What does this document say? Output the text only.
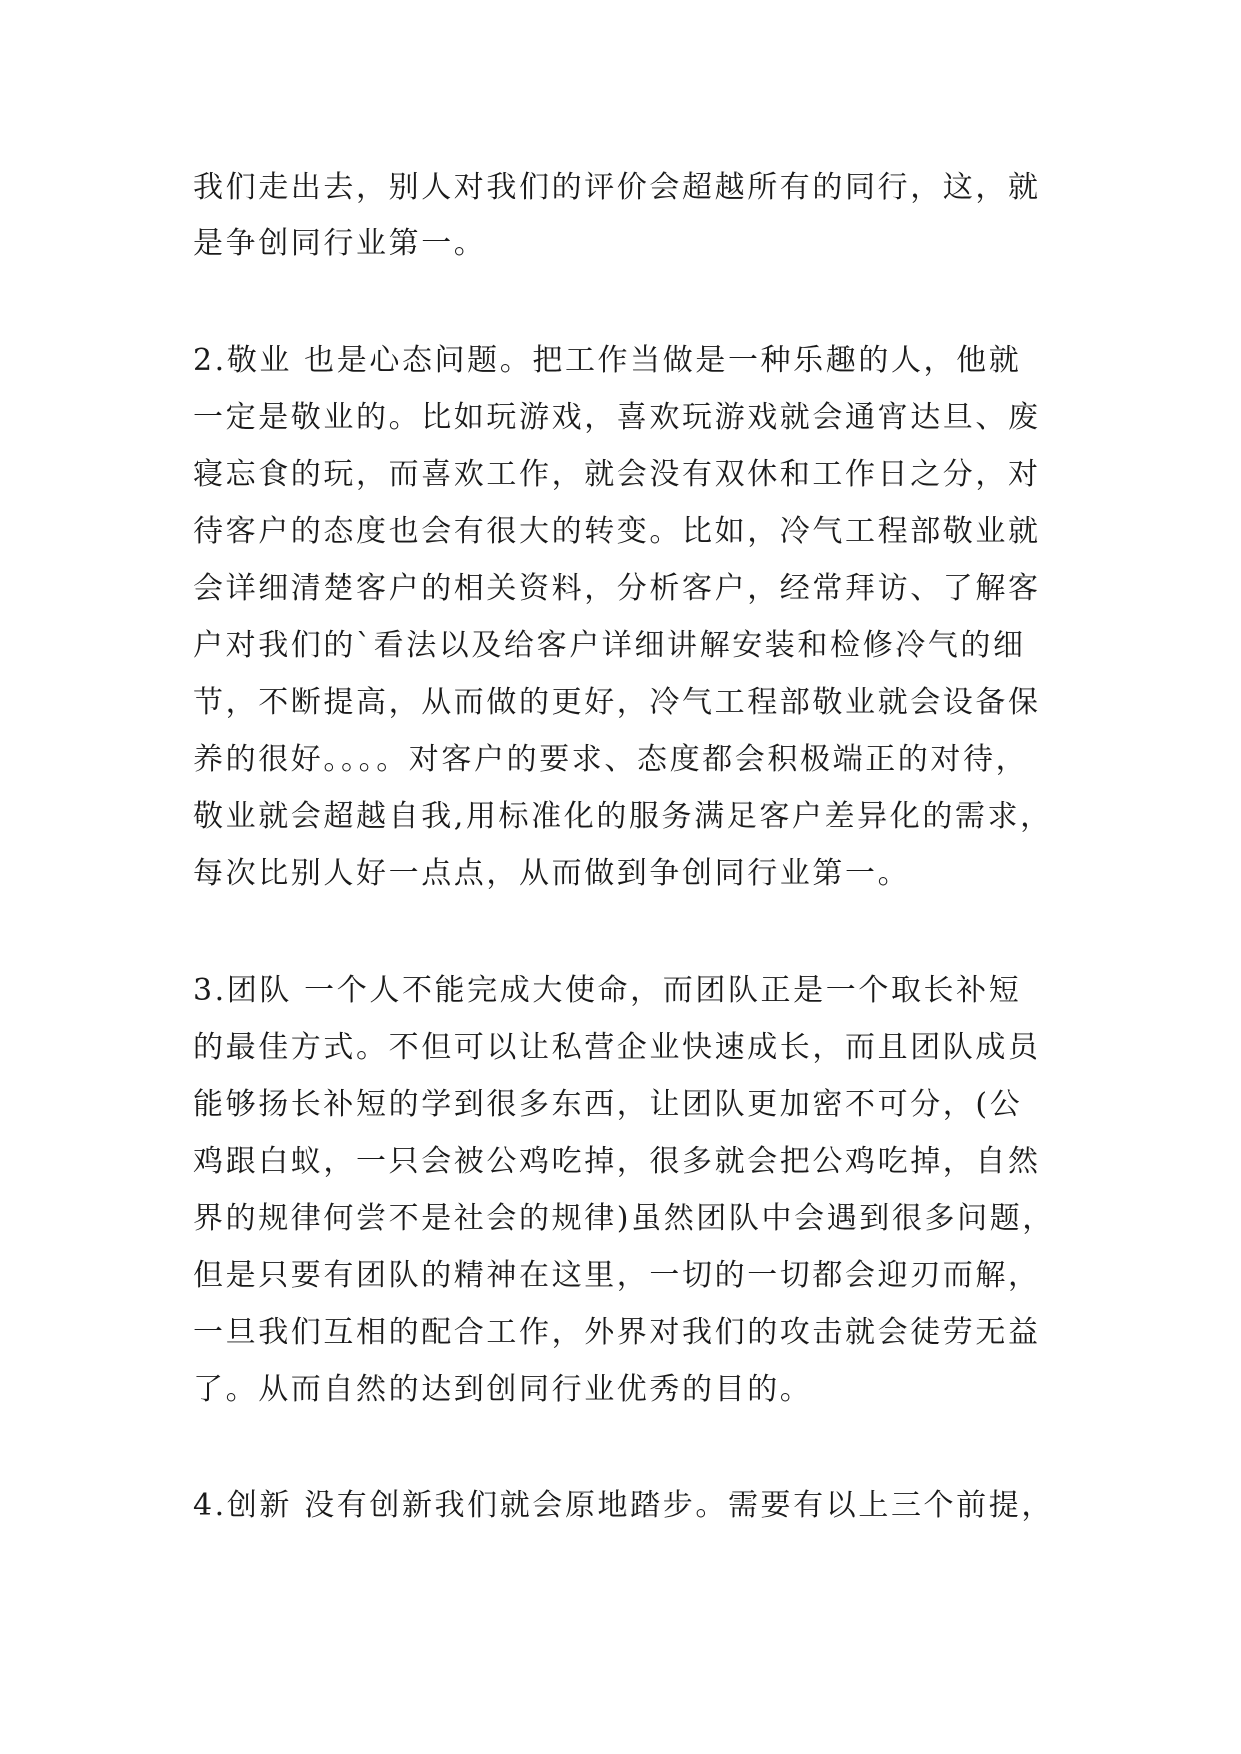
我们走出去，别人对我们的评价会超越所有的同行，这，就
是争创同行业第一。
2.敬业 也是心态问题。把工作当做是一种乐趣的人，他就
一定是敬业的。比如玩游戏，喜欢玩游戏就会通宵达旦、废
寝忘食的玩，而喜欢工作，就会没有双休和工作日之分，对
待客户的态度也会有很大的转变。比如，冷气工程部敬业就
会详细清楚客户的相关资料，分析客户，经常拜访、了解客
户对我们的`看法以及给客户详细讲解安装和检修冷气的细
节，不断提高，从而做的更好，冷气工程部敬业就会设备保
养的很好。。。。对客户的要求、态度都会积极端正的对待，
敬业就会超越自我,用标准化的服务满足客户差异化的需求，
每次比别人好一点点，从而做到争创同行业第一。
3.团队 一个人不能完成大使命，而团队正是一个取长补短
的最佳方式。不但可以让私营企业快速成长，而且团队成员
能够扬长补短的学到很多东西，让团队更加密不可分，(公
鸡跟白蚁，一只会被公鸡吃掉，很多就会把公鸡吃掉，自然
界的规律何尝不是社会的规律)虽然团队中会遇到很多问题，
但是只要有团队的精神在这里，一切的一切都会迎刃而解，
一旦我们互相的配合工作，外界对我们的攻击就会徒劳无益
了。从而自然的达到创同行业优秀的目的。
4.创新 没有创新我们就会原地踏步。需要有以上三个前提，
